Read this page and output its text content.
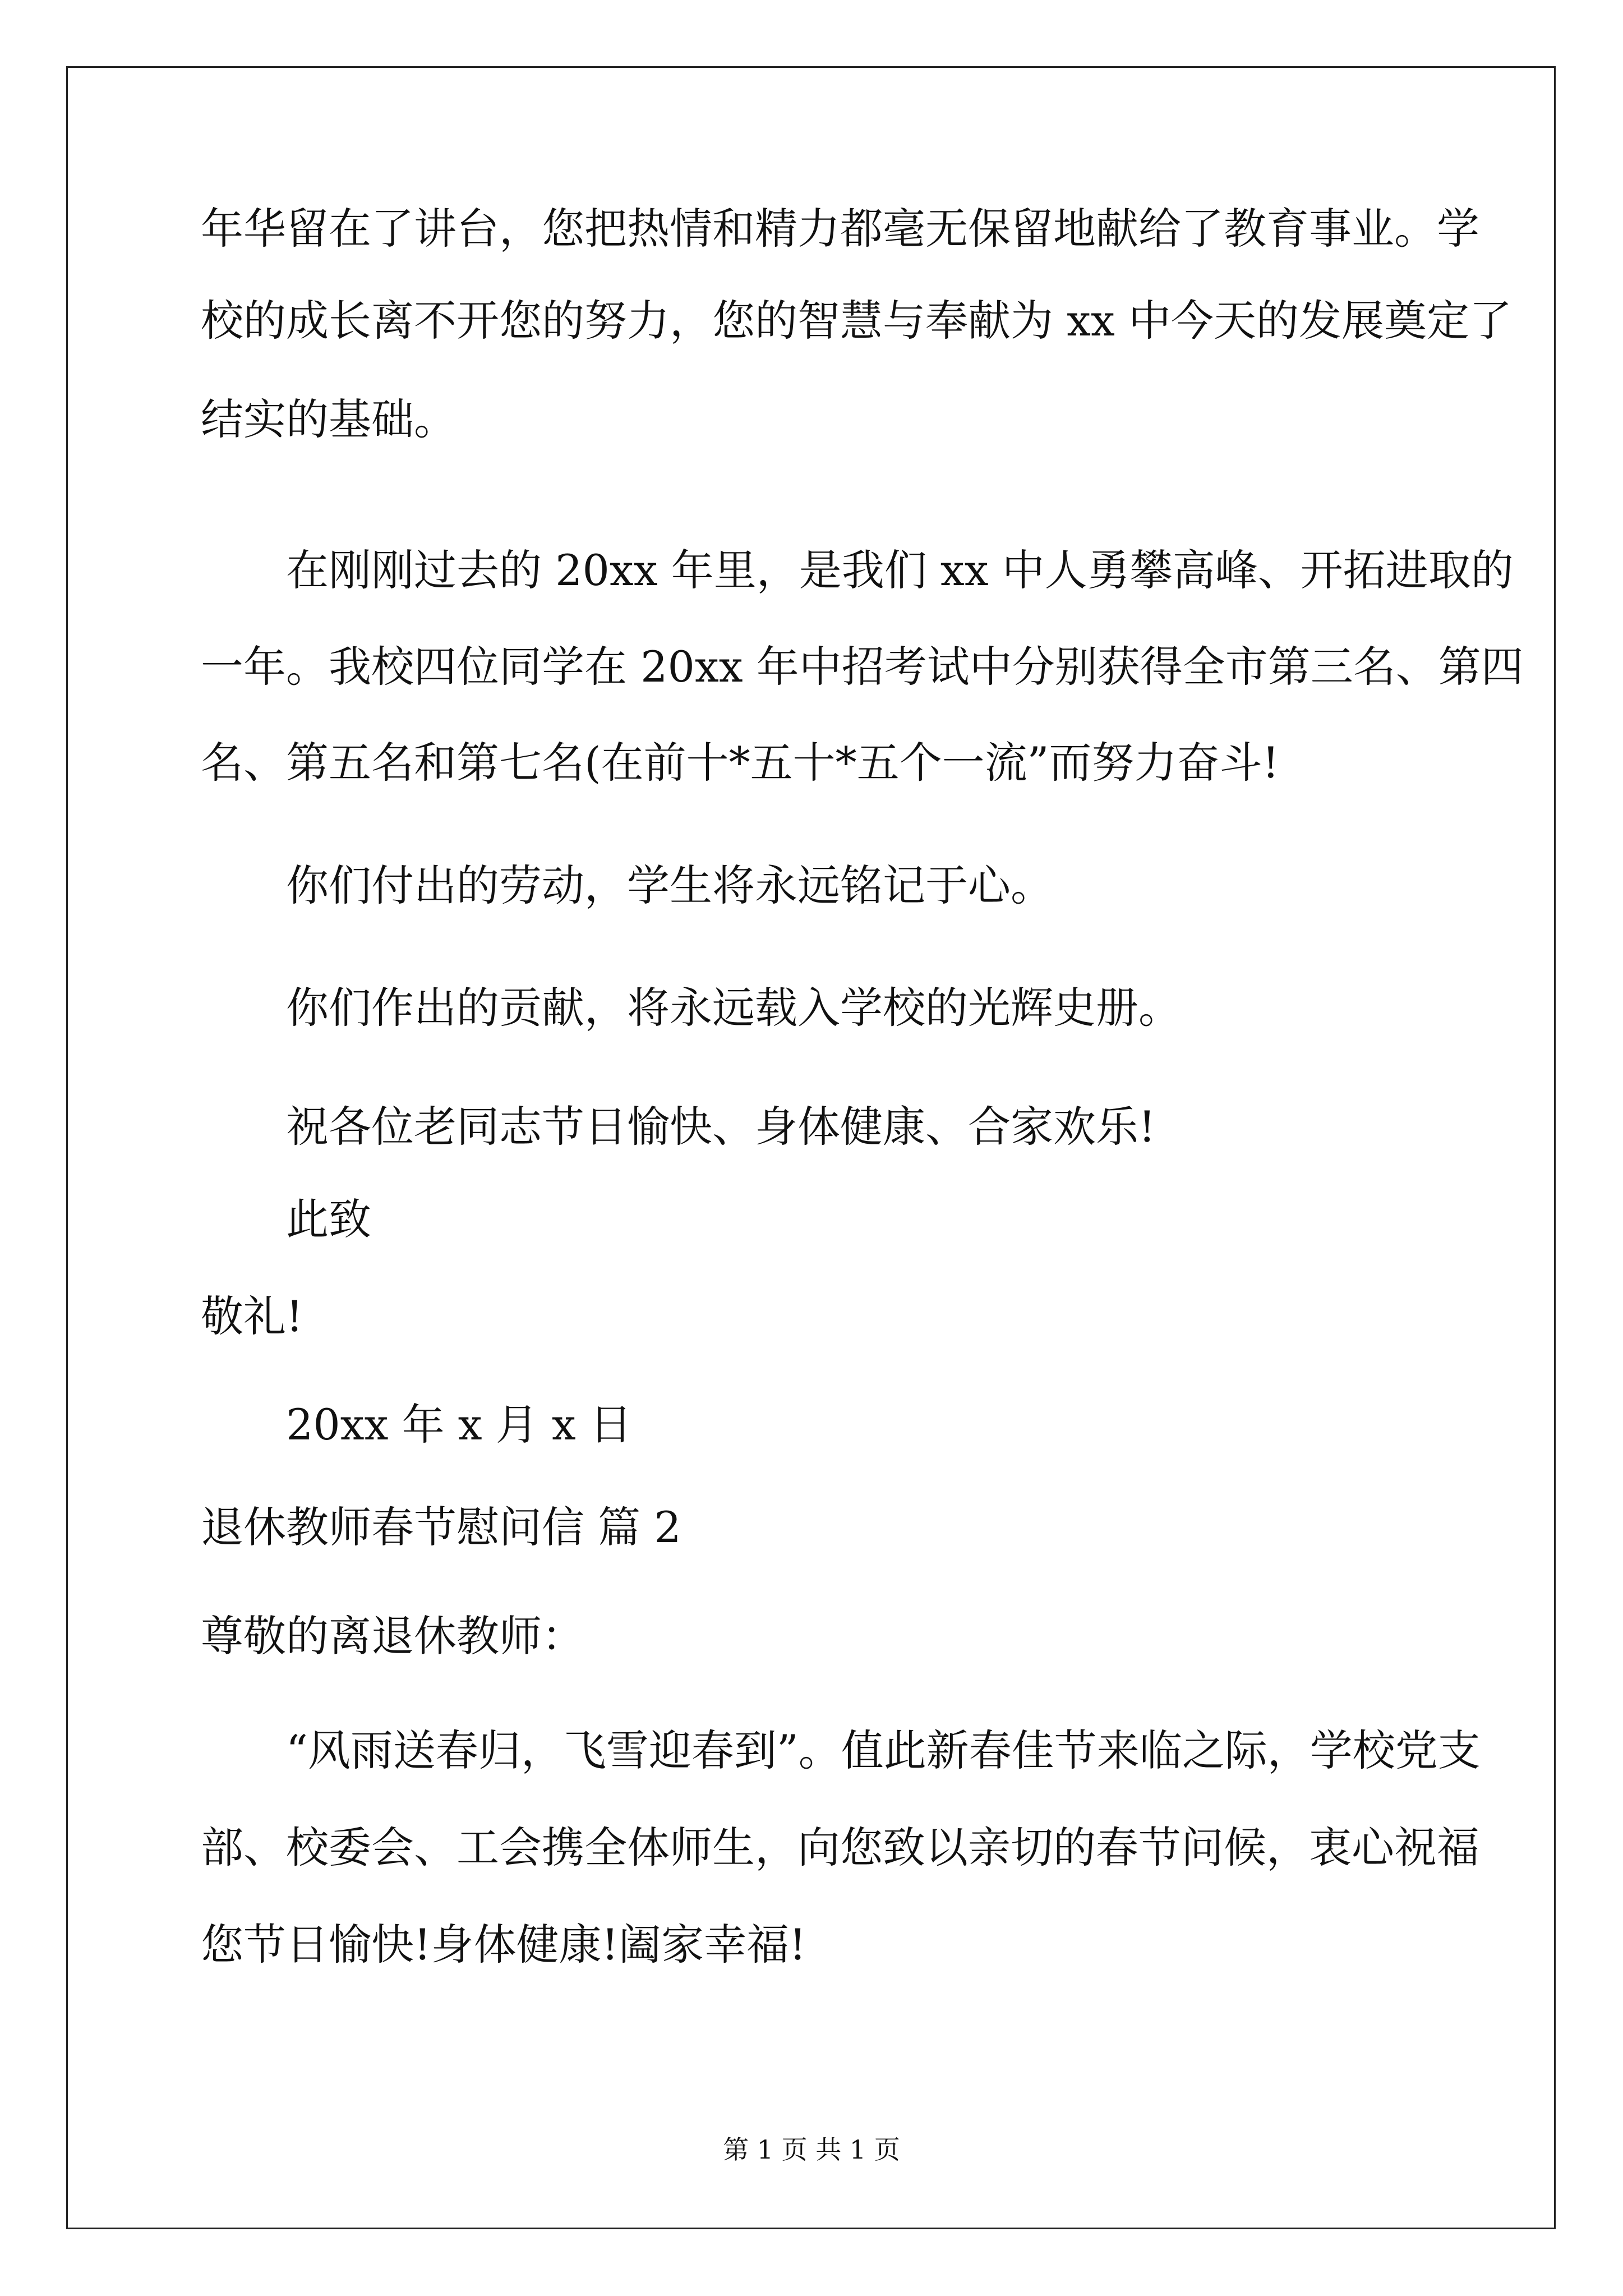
年华留在了讲台，您把热情和精力都毫无保留地献给了教育事业。学
校的成长离不开您的努力，您的智慧与奉献为 xx 中今天的发展奠定了
结实的基础。
在刚刚过去的 20xx 年里，是我们 xx 中人勇攀高峰、开拓进取的
一年。我校四位同学在 20xx 年中招考试中分别获得全市第三名、第四
名、第五名和第七名(在前十*五十*五个一流”而努力奋斗!
你们付出的劳动，学生将永远铭记于心。
你们作出的贡献，将永远载入学校的光辉史册。
祝各位老同志节日愉快、身体健康、合家欢乐!
此致
敬礼!
20xx 年 x 月 x 日
退休教师春节慰问信 篇 2
尊敬的离退休教师：
“风雨送春归，飞雪迎春到”。值此新春佳节来临之际，学校党支
部、校委会、工会携全体师生，向您致以亲切的春节问候，衷心祝福
您节日愉快!身体健康!阖家幸福!
第 1 页 共 1 页
